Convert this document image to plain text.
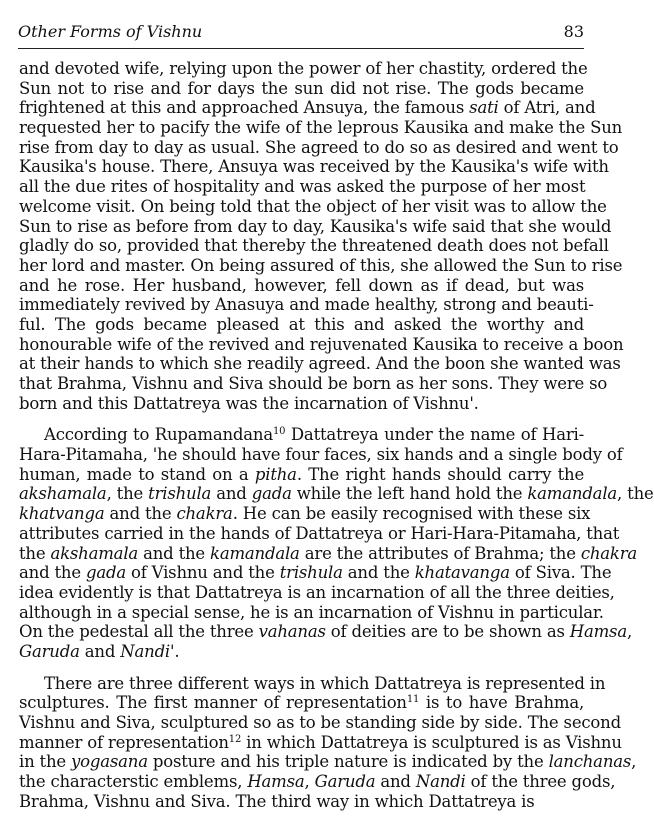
Other Forms of Vishnu	83
and devoted wife, relying upon the power of her chastity, ordered the
Sun not to rise and for days the sun did not rise. The gods became
frightened at this and approached Ansuya, the famous sati of Atri, and
requested her to pacify the wife of the leprous Kausika and make the Sun
rise from day to day as usual. She agreed to do so as desired and went to
Kausika's house. There, Ansuya was received by the Kausika's wife with
all the due rites of hospitality and was asked the purpose of her most
welcome visit. On being told that the object of her visit was to allow the
Sun to rise as before from day to day, Kausika's wife said that she would
gladly do so, provided that thereby the threatened death does not befall
her lord and master. On being assured of this, she allowed the Sun to rise
and he rose. Her husband, however, fell down as if dead, but was
immediately revived by Anasuya and made healthy, strong and beauti-
ful. The gods became pleased at this and asked the worthy and
honourable wife of the revived and rejuvenated Kausika to receive a boon
at their hands to which she readily agreed. And the boon she wanted was
that Brahma, Vishnu and Siva should be born as her sons. They were so
born and this Dattatreya was the incarnation of Vishnu'.
According to Rupamandana$^{10}$ Dattatreya under the name of Hari-
Hara-Pitamaha, 'he should have four faces, six hands and a single body of
human, made to stand on a pitha. The right hands should carry the
akshamala, the trishula and gada while the left hand hold the kamandala, the
khatvanga and the chakra. He can be easily recognised with these six
attributes carried in the hands of Dattatreya or Hari-Hara-Pitamaha, that
the akshamala and the kamandala are the attributes of Brahma; the chakra
and the gada of Vishnu and the trishula and the khatavanga of Siva. The
idea evidently is that Dattatreya is an incarnation of all the three deities,
although in a special sense, he is an incarnation of Vishnu in particular.
On the pedestal all the three vahanas of deities are to be shown as Hamsa,
Garuda and Nandi'.
There are three different ways in which Dattatreya is represented in
sculptures. The first manner of representation$^{11}$ is to have Brahma,
Vishnu and Siva, sculptured so as to be standing side by side. The second
manner of representation$^{12}$ in which Dattatreya is sculptured is as Vishnu
in the yogasana posture and his triple nature is indicated by the lanchanas,
the characterstic emblems, Hamsa, Garuda and Nandi of the three gods,
Brahma, Vishnu and Siva. The third way in which Dattatreya is
